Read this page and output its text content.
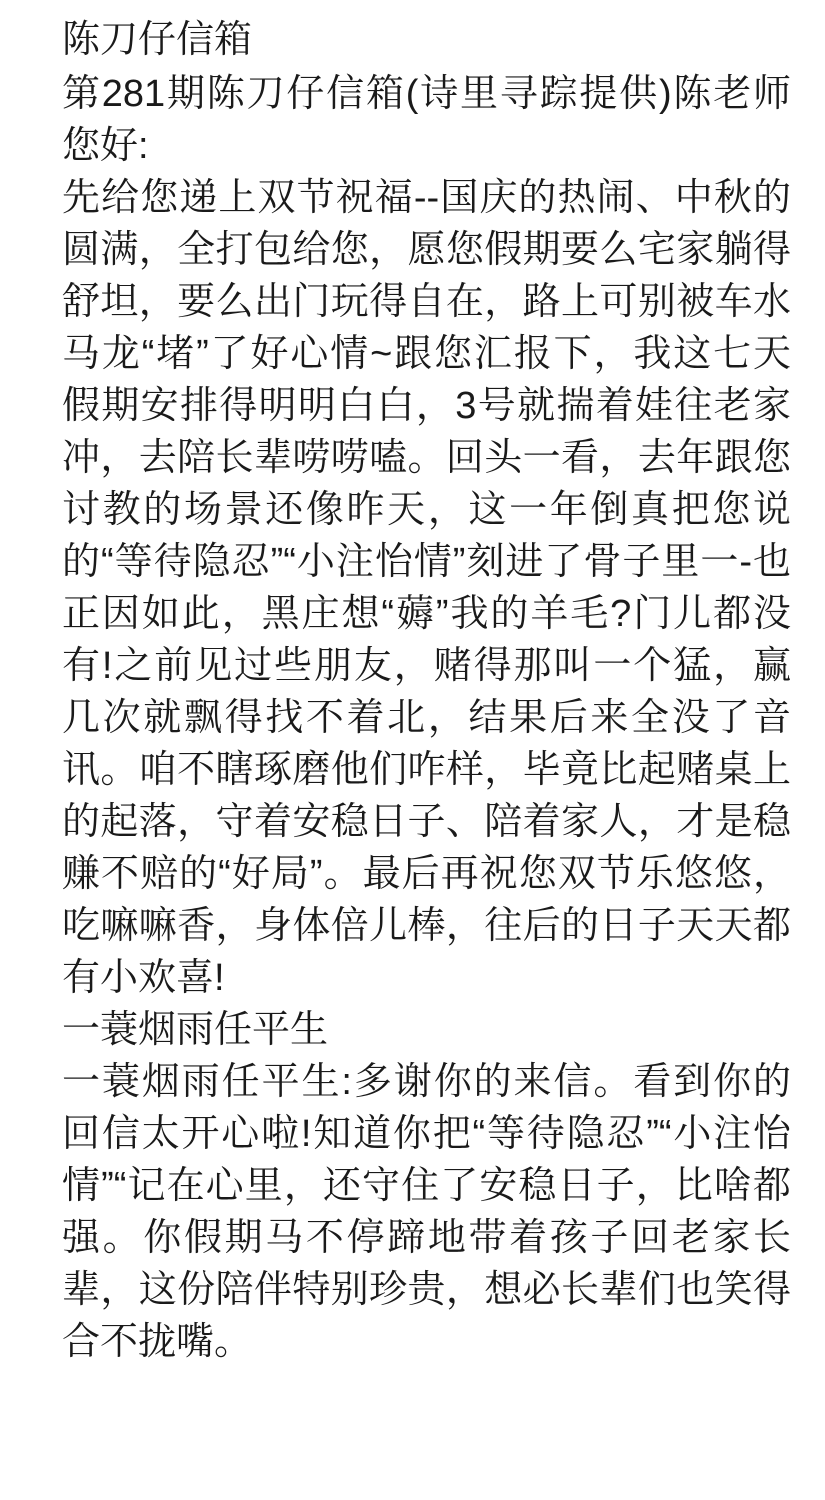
陈刀仔信箱

第281期陈刀仔信箱(诗里寻踪提供)陈老师您好:

先给您递上双节祝福--国庆的热闹、中秋的圆满，全打包给您，愿您假期要么宅家躺得舒坦，要么出门玩得自在，路上可别被车水马龙“堵”了好心情~跟您汇报下，我这七天假期安排得明明白白，3号就揣着娃往老家冲，去陪长辈唠唠嗑。回头一看，去年跟您讨教的场景还像昨天，这一年倒真把您说的“等待隐忍”“小注怡情”刻进了骨子里一-也正因如此，黑庄想“薅”我的羊毛?门儿都没有!之前见过些朋友，赌得那叫一个猛，赢几次就飘得找不着北，结果后来全没了音讯。咱不瞎琢磨他们咋样，毕竟比起赌桌上的起落，守着安稳日子、陪着家人，才是稳赚不赔的“好局”。最后再祝您双节乐悠悠，吃嘛嘛香，身体倍儿棒，往后的日子天天都有小欢喜!

一蓑烟雨任平生

一蓑烟雨任平生:多谢你的来信。看到你的回信太开心啦!知道你把“等待隐忍”“小注怡情”“记在心里，还守住了安稳日子，比啥都强。你假期马不停蹄地带着孩子回老家长辈，这份陪伴特别珍贵，想必长辈们也笑得合不拢嘴。
